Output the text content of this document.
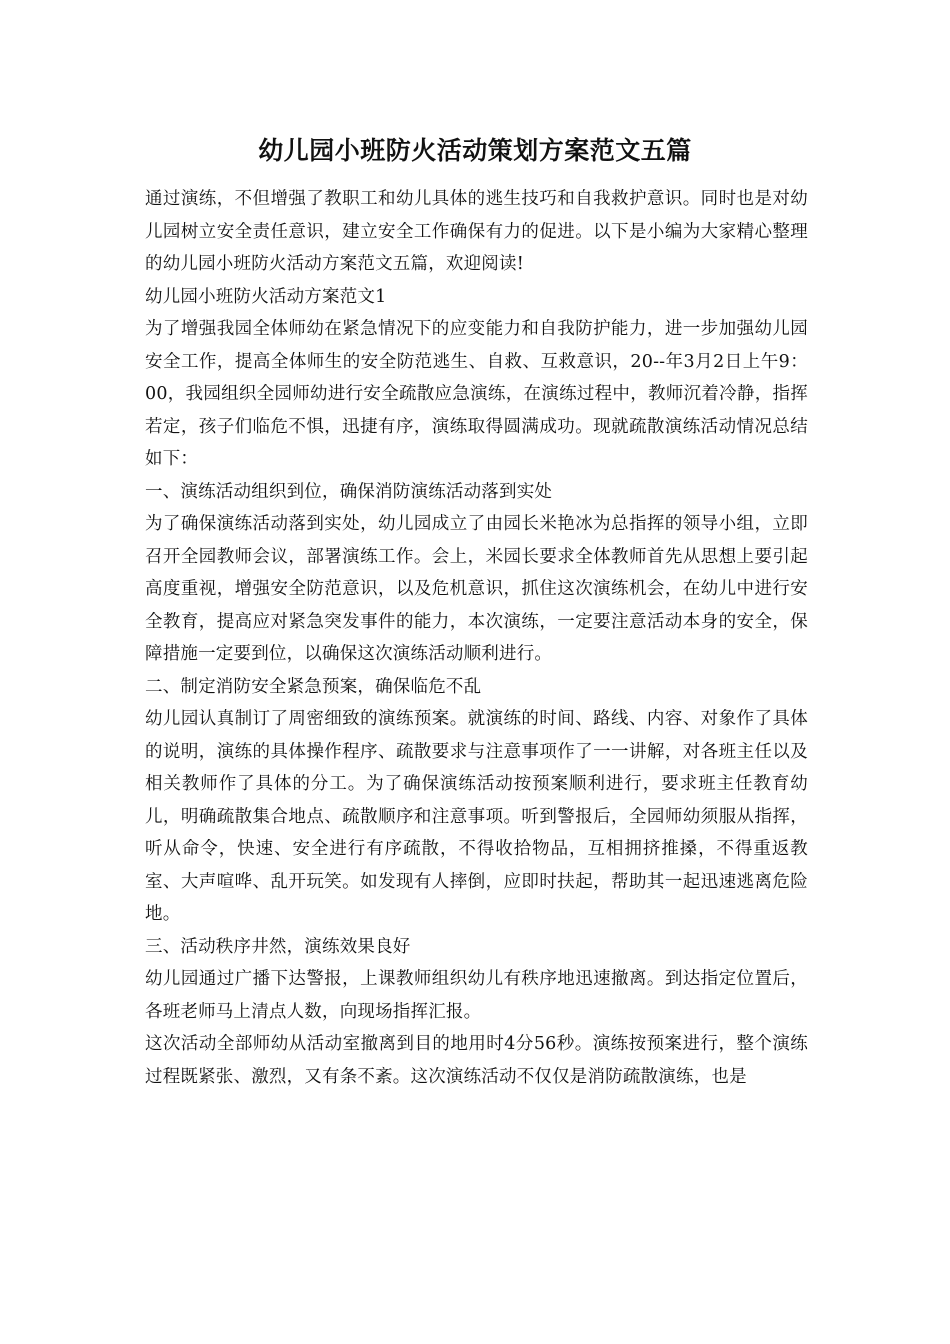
幼儿园小班防火活动策划方案范文五篇

通过演练，不但增强了教职工和幼儿具体的逃生技巧和自我救护意识。同时也是对幼儿园树立安全责任意识，建立安全工作确保有力的促进。以下是小编为大家精心整理的幼儿园小班防火活动方案范文五篇，欢迎阅读!

幼儿园小班防火活动方案范文1

为了增强我园全体师幼在紧急情况下的应变能力和自我防护能力，进一步加强幼儿园安全工作，提高全体师生的安全防范逃生、自救、互救意识，20--年3月2日上午9：00，我园组织全园师幼进行安全疏散应急演练，在演练过程中，教师沉着冷静，指挥若定，孩子们临危不惧，迅捷有序，演练取得圆满成功。现就疏散演练活动情况总结如下：

一、演练活动组织到位，确保消防演练活动落到实处

为了确保演练活动落到实处，幼儿园成立了由园长米艳冰为总指挥的领导小组，立即召开全园教师会议，部署演练工作。会上，米园长要求全体教师首先从思想上要引起高度重视，增强安全防范意识，以及危机意识，抓住这次演练机会，在幼儿中进行安全教育，提高应对紧急突发事件的能力，本次演练，一定要注意活动本身的安全，保障措施一定要到位，以确保这次演练活动顺利进行。

二、制定消防安全紧急预案，确保临危不乱

幼儿园认真制订了周密细致的演练预案。就演练的时间、路线、内容、对象作了具体的说明，演练的具体操作程序、疏散要求与注意事项作了一一讲解，对各班主任以及相关教师作了具体的分工。为了确保演练活动按预案顺利进行，要求班主任教育幼儿，明确疏散集合地点、疏散顺序和注意事项。听到警报后，全园师幼须服从指挥，听从命令，快速、安全进行有序疏散，不得收拾物品，互相拥挤推搡，不得重返教室、大声喧哗、乱开玩笑。如发现有人摔倒，应即时扶起，帮助其一起迅速逃离危险地。

三、活动秩序井然，演练效果良好

幼儿园通过广播下达警报，上课教师组织幼儿有秩序地迅速撤离。到达指定位置后，各班老师马上清点人数，向现场指挥汇报。

这次活动全部师幼从活动室撤离到目的地用时4分56秒。演练按预案进行，整个演练过程既紧张、激烈，又有条不紊。这次演练活动不仅仅是消防疏散演练，也是
